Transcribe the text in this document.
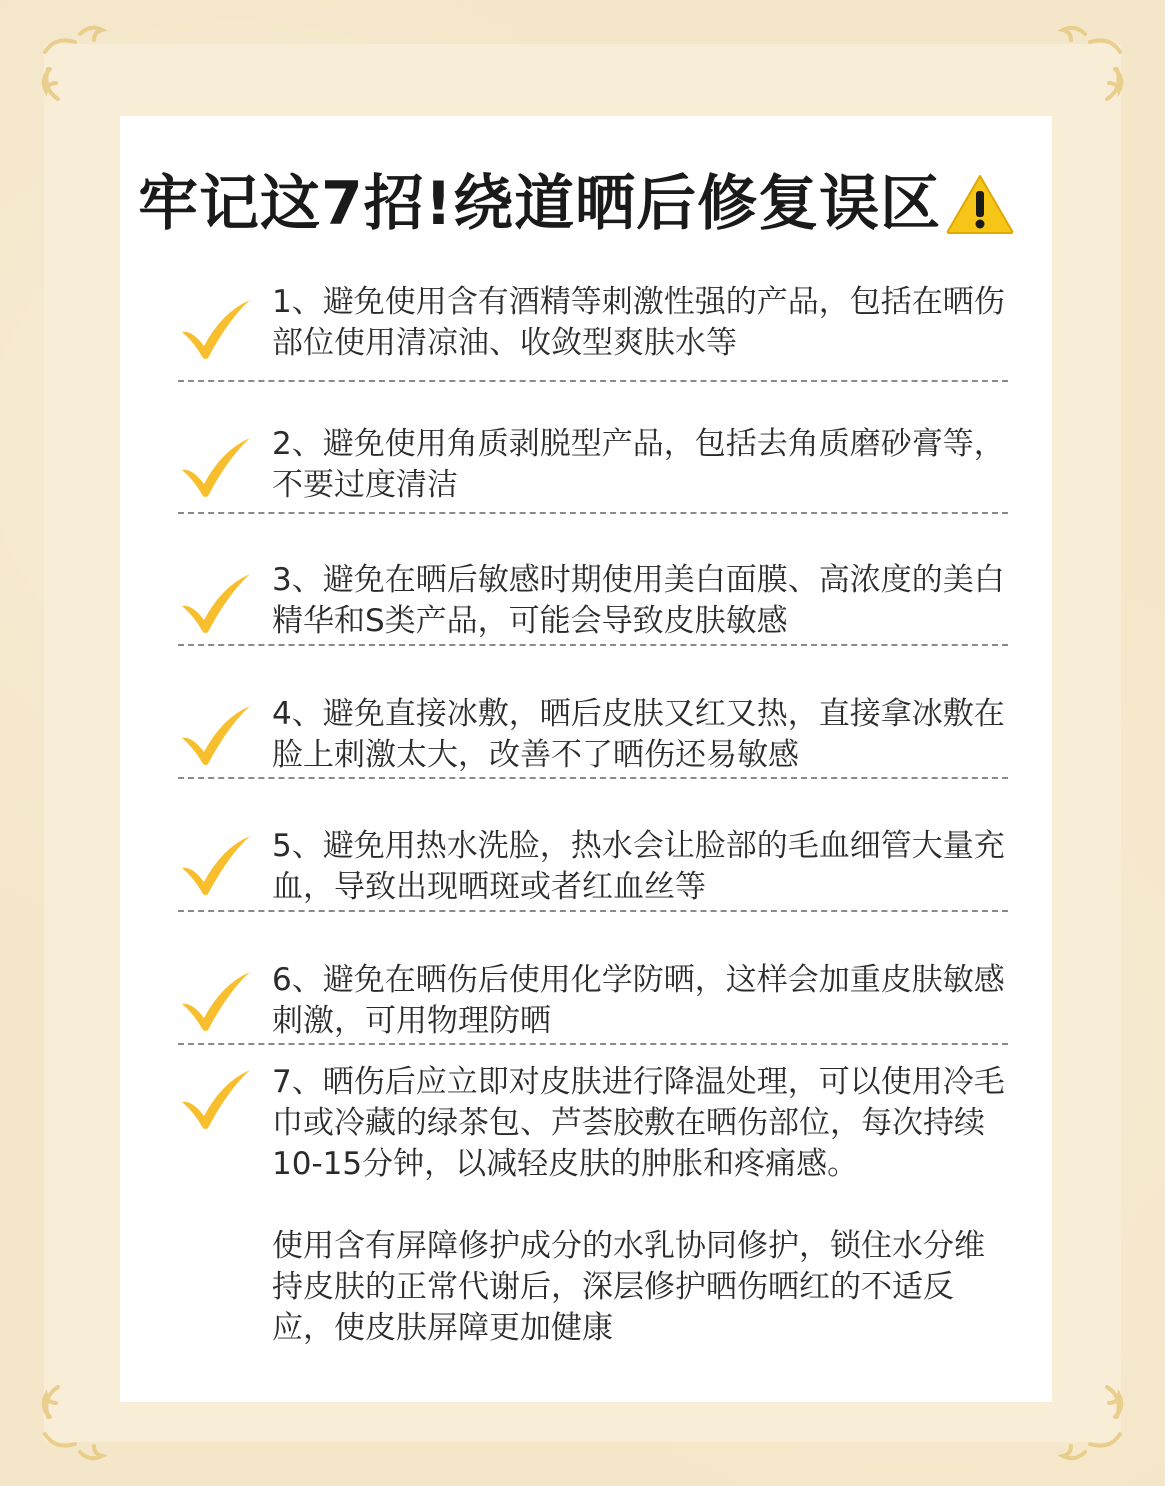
牢记这7招!绕道晒后修复误区
1、避免使用含有酒精等刺激性强的产品，包括在晒伤部位使用清凉油、收敛型爽肤水等
2、避免使用角质剥脱型产品，包括去角质磨砂膏等，不要过度清洁
3、避免在晒后敏感时期使用美白面膜、高浓度的美白精华和S类产品，可能会导致皮肤敏感
4、避免直接冰敷，晒后皮肤又红又热，直接拿冰敷在脸上刺激太大，改善不了晒伤还易敏感
5、避免用热水洗脸，热水会让脸部的毛血细管大量充血，导致出现晒斑或者红血丝等
6、避免在晒伤后使用化学防晒，这样会加重皮肤敏感刺激，可用物理防晒
7、晒伤后应立即对皮肤进行降温处理，可以使用冷毛巾或冷藏的绿茶包、芦荟胶敷在晒伤部位，每次持续10-15分钟，以减轻皮肤的肿胀和疼痛感。
使用含有屏障修护成分的水乳协同修护，锁住水分维持皮肤的正常代谢后，深层修护晒伤晒红的不适反应，使皮肤屏障更加健康
